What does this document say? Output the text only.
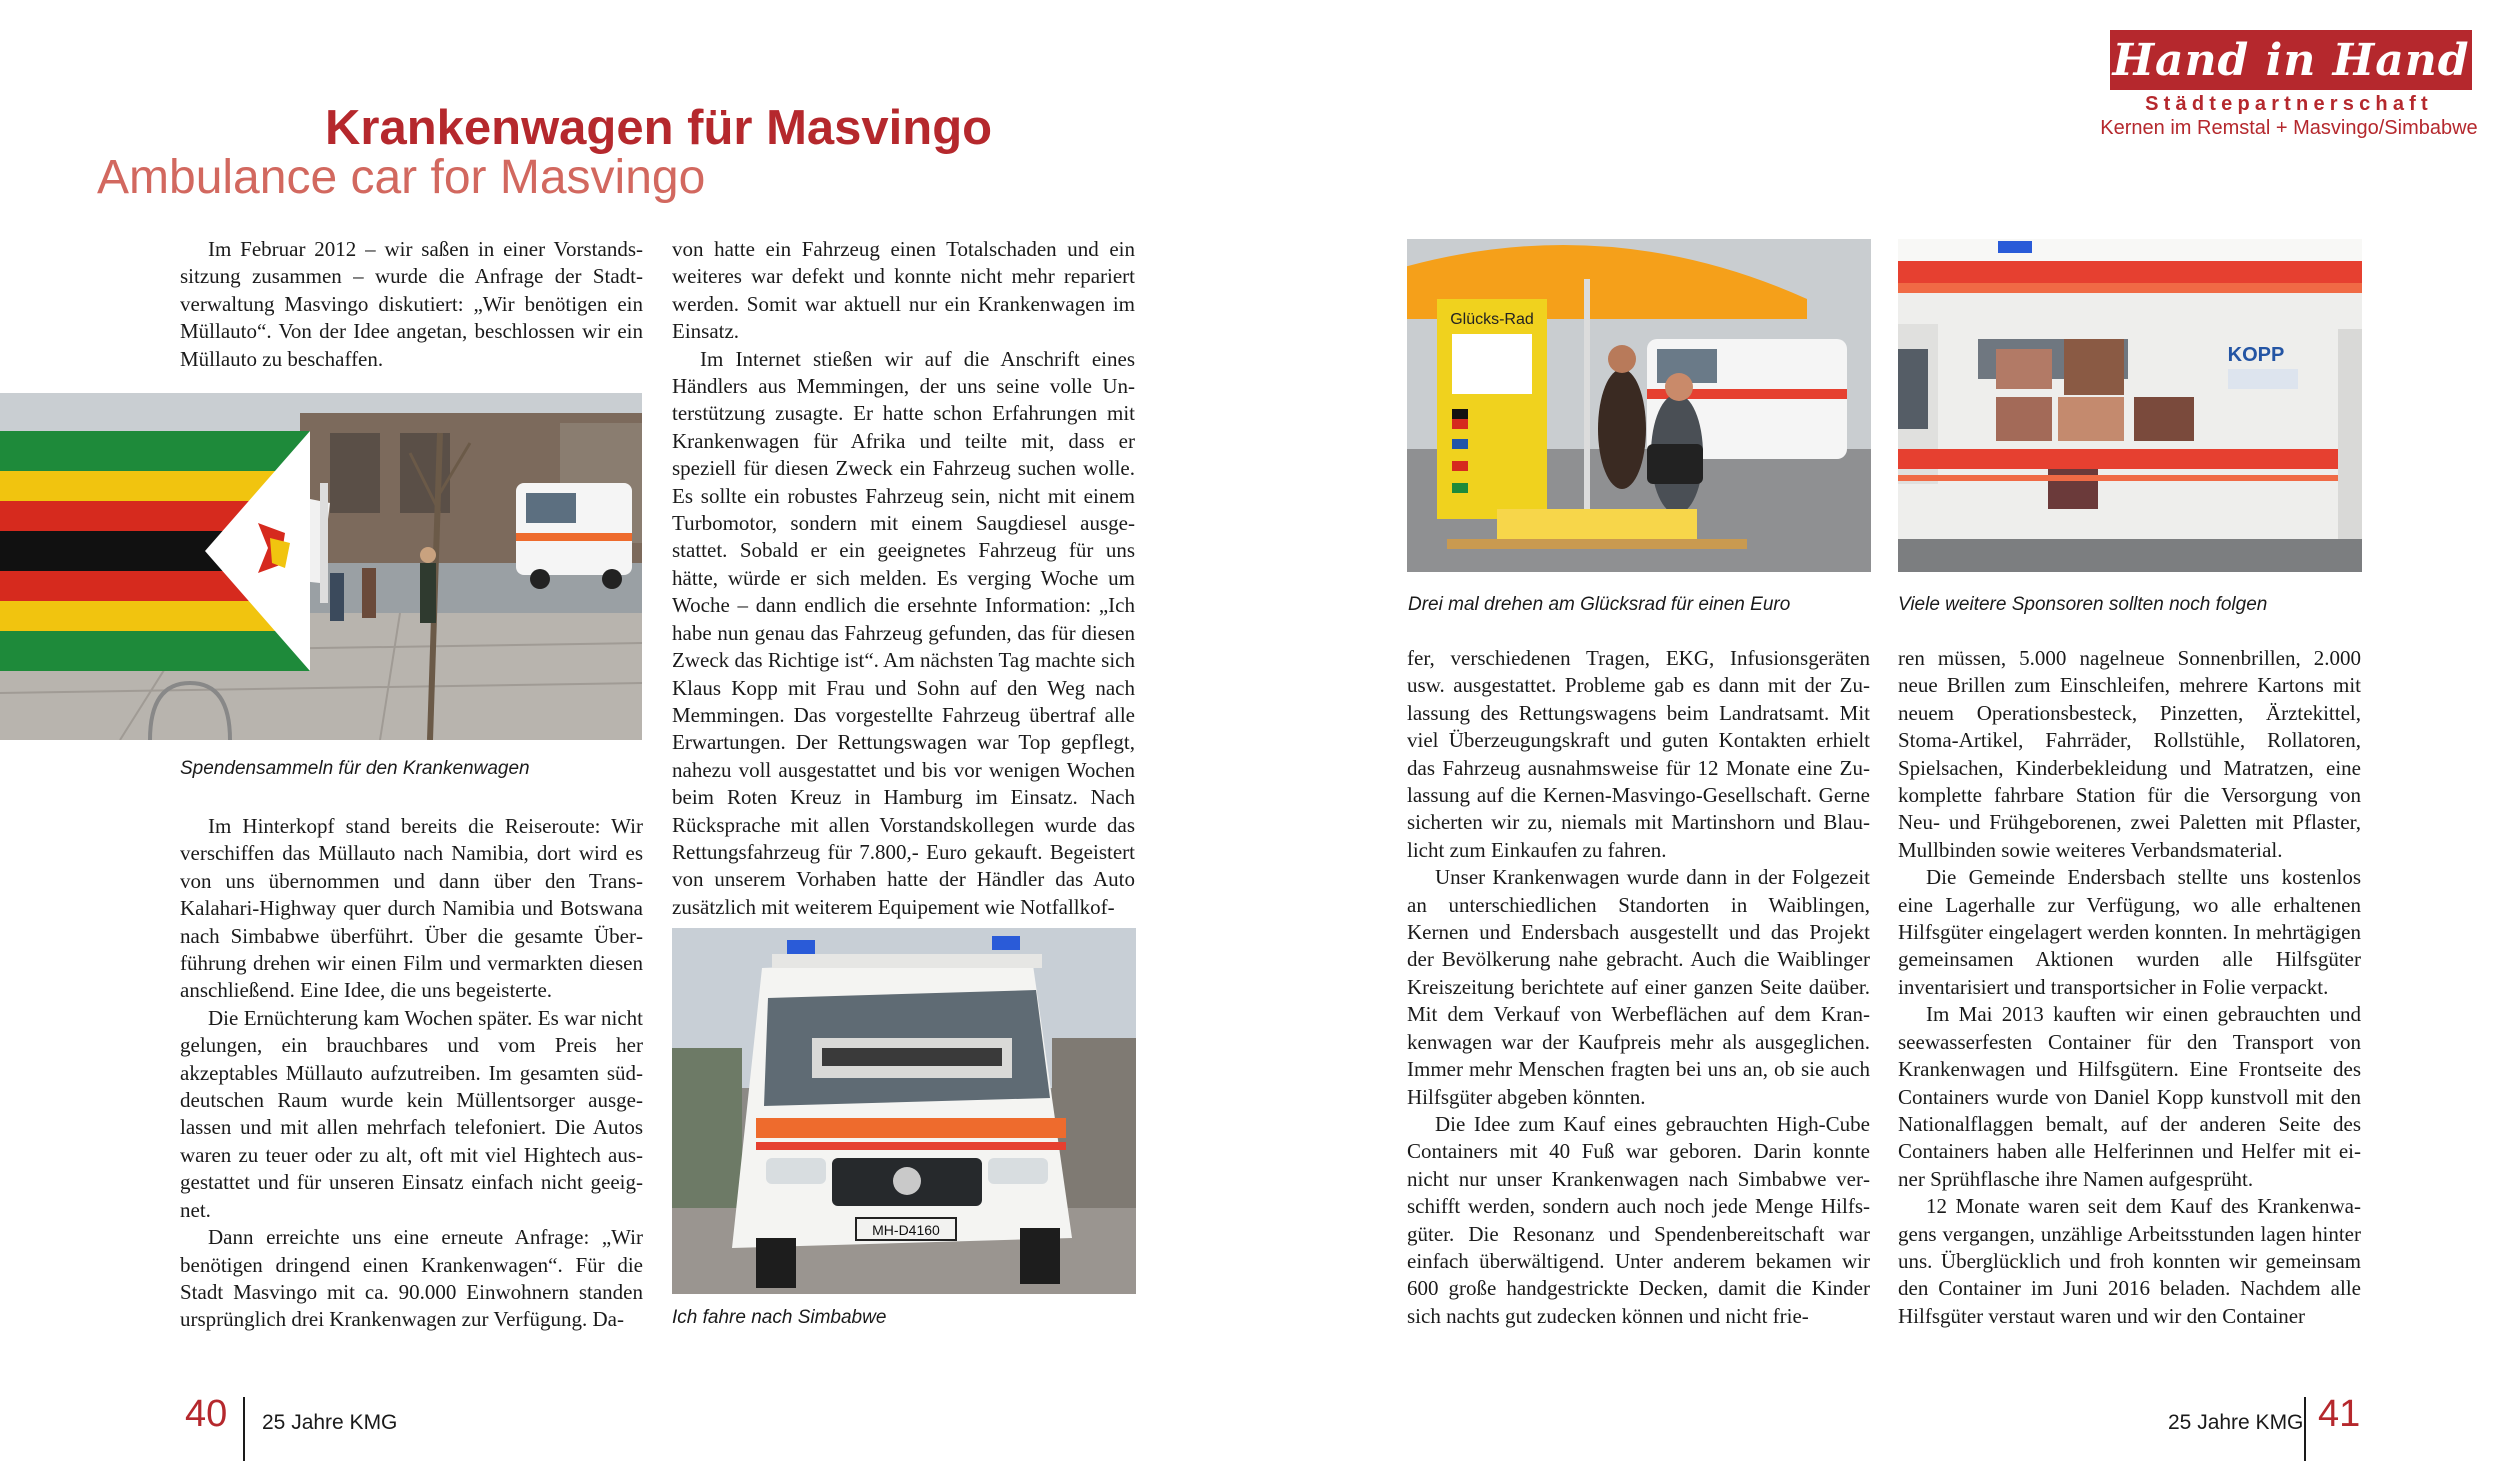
Krankenwagen für Masvingo
Ambulance car for Masvingo
Hand in Hand
Städtepartnerschaft
Kernen im Remstal + Masvingo/Simbabwe

Im Februar 2012 – wir saßen in einer Vorstandssitzung zusammen – wurde die Anfrage der Stadtverwaltung Masvingo diskutiert: „Wir benötigen ein Müllauto“. Von der Idee angetan, beschlossen wir ein Müllauto zu beschaffen.

Spendensammeln für den Krankenwagen

Im Hinterkopf stand bereits die Reiseroute: Wir verschiffen das Müllauto nach Namibia, dort wird es von uns übernommen und dann über den Trans-Kalahari-Highway quer durch Namibia und Botswana nach Simbabwe überführt. Über die gesamte Überführung drehen wir einen Film und vermarkten diesen anschließend. Eine Idee, die uns begeisterte.

Die Ernüchterung kam Wochen später. Es war nicht gelungen, ein brauchbares und vom Preis her akzeptables Müllauto aufzutreiben. Im gesamten süddeutschen Raum wurde kein Müllentsorger ausgelassen und mit allen mehrfach telefoniert. Die Autos waren zu teuer oder zu alt, oft mit viel Hightech ausgestattet und für unseren Einsatz einfach nicht geeignet.

Dann erreichte uns eine erneute Anfrage: „Wir benötigen dringend einen Krankenwagen“. Für die Stadt Masvingo mit ca. 90.000 Einwohnern standen ursprünglich drei Krankenwagen zur Verfügung. Da-

von hatte ein Fahrzeug einen Totalschaden und ein weiteres war defekt und konnte nicht mehr repariert werden. Somit war aktuell nur ein Krankenwagen im Einsatz.

Im Internet stießen wir auf die Anschrift eines Händlers aus Memmingen, der uns seine volle Unterstützung zusagte. Er hatte schon Erfahrungen mit Krankenwagen für Afrika und teilte mit, dass er speziell für diesen Zweck ein Fahrzeug suchen wolle. Es sollte ein robustes Fahrzeug sein, nicht mit einem Turbomotor, sondern mit einem Saugdiesel ausgestattet. Sobald er ein geeignetes Fahrzeug für uns hätte, würde er sich melden. Es verging Woche um Woche – dann endlich die ersehnte Information: „Ich habe nun genau das Fahrzeug gefunden, das für diesen Zweck das Richtige ist“. Am nächsten Tag machte sich Klaus Kopp mit Frau und Sohn auf den Weg nach Memmingen. Das vorgestellte Fahrzeug übertraf alle Erwartungen. Der Rettungswagen war Top gepflegt, nahezu voll ausgestattet und bis vor wenigen Wochen beim Roten Kreuz in Hamburg im Einsatz. Nach Rücksprache mit allen Vorstandskollegen wurde das Rettungsfahrzeug für 7.800,- Euro gekauft. Begeistert von unserem Vorhaben hatte der Händler das Auto zusätzlich mit weiterem Equipement wie Notfallkof-

MH-D4160
Ich fahre nach Simbabwe
Glücks-Rad
Drei mal drehen am Glücksrad für einen Euro
KOPP
Viele weitere Sponsoren sollten noch folgen

fer, verschiedenen Tragen, EKG, Infusionsgeräten usw. ausgestattet. Probleme gab es dann mit der Zulassung des Rettungswagens beim Landratsamt. Mit viel Überzeugungskraft und guten Kontakten erhielt das Fahrzeug ausnahmsweise für 12 Monate eine Zulassung auf die Kernen-Masvingo-Gesellschaft. Gerne sicherten wir zu, niemals mit Martinshorn und Blaulicht zum Einkaufen zu fahren.

Unser Krankenwagen wurde dann in der Folgezeit an unterschiedlichen Standorten in Waiblingen, Kernen und Endersbach ausgestellt und das Projekt der Bevölkerung nahe gebracht. Auch die Waiblinger Kreiszeitung berichtete auf einer ganzen Seite daüber. Mit dem Verkauf von Werbeflächen auf dem Krankenwagen war der Kaufpreis mehr als ausgeglichen. Immer mehr Menschen fragten bei uns an, ob sie auch Hilfsgüter abgeben könnten.

Die Idee zum Kauf eines gebrauchten High-Cube Containers mit 40 Fuß war geboren. Darin konnte nicht nur unser Krankenwagen nach Simbabwe verschifft werden, sondern auch noch jede Menge Hilfsgüter. Die Resonanz und Spendenbereitschaft war einfach überwältigend. Unter anderem bekamen wir 600 große handgestrickte Decken, damit die Kinder sich nachts gut zudecken können und nicht frie-

ren müssen, 5.000 nagelneue Sonnenbrillen, 2.000 neue Brillen zum Einschleifen, mehrere Kartons mit neuem Operationsbesteck, Pinzetten, Ärztekittel, Stoma-Artikel, Fahrräder, Rollstühle, Rollatoren, Spielsachen, Kinderbekleidung und Matratzen, eine komplette fahrbare Station für die Versorgung von Neu- und Frühgeborenen, zwei Paletten mit Pflaster, Mullbinden sowie weiteres Verbandsmaterial.

Die Gemeinde Endersbach stellte uns kostenlos eine Lagerhalle zur Verfügung, wo alle erhaltenen Hilfsgüter eingelagert werden konnten. In mehrtägigen gemeinsamen Aktionen wurden alle Hilfsgüter inventarisiert und transportsicher in Folie verpackt.

Im Mai 2013 kauften wir einen gebrauchten und seewasserfesten Container für den Transport von Krankenwagen und Hilfsgütern. Eine Frontseite des Containers wurde von Daniel Kopp kunstvoll mit den Nationalflaggen bemalt, auf der anderen Seite des Containers haben alle Helferinnen und Helfer mit einer Sprühflasche ihre Namen aufgesprüht.

12 Monate waren seit dem Kauf des Krankenwagens vergangen, unzählige Arbeitsstunden lagen hinter uns. Überglücklich und froh konnten wir gemeinsam den Container im Juni 2016 beladen. Nachdem alle Hilfsgüter verstaut waren und wir den Container

40 25 Jahre KMG	25 Jahre KMG 41
